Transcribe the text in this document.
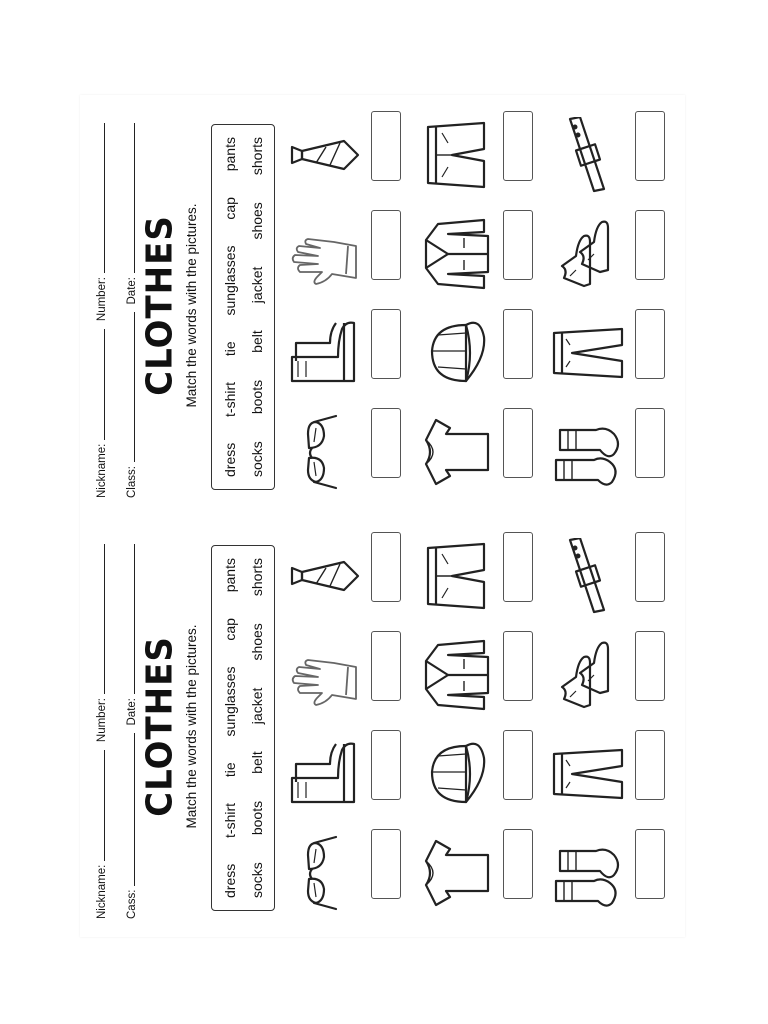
Nickname:
Number:
Cass:
Date: CLOTHES Match the words with the pictures.
dress
t-shirt
tie
sunglasses
cap
pants
socks
boots
belt
jacket
shoes
shorts
Nickname:
Number:
Class:
Date: CLOTHES Match the words with the pictures.
dress
t-shirt
tie
sunglasses
cap
pants
socks
boots
belt
jacket
shoes
shorts
